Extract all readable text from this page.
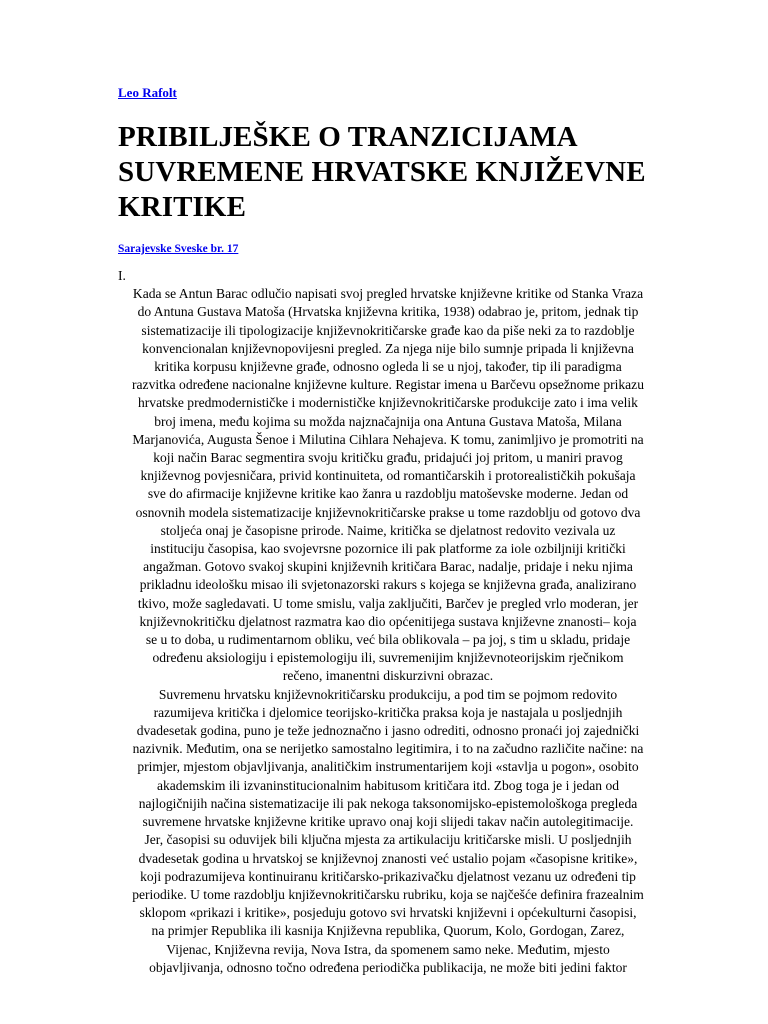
Leo Rafolt
PRIBILJEŠKE O TRANZICIJAMA
SUVREMENE HRVATSKE KNJIŽEVNE
KRITIKE
Sarajevske Sveske br. 17
I.
Kada se Antun Barac odlučio napisati svoj pregled hrvatske književne kritike od Stanka Vraza
do Antuna Gustava Matoša (Hrvatska književna kritika, 1938) odabrao je, pritom, jednak tip
sistematizacije ili tipologizacije književnokritičarske građe kao da piše neki za to razdoblje
konvencionalan književnopovijesni pregled. Za njega nije bilo sumnje pripada li književna
kritika korpusu književne građe, odnosno ogleda li se u njoj, također, tip ili paradigma
razvitka određene nacionalne književne kulture. Registar imena u Barčevu opsežnome prikazu
hrvatske predmodernističke i modernističke književnokritičarske produkcije zato i ima velik
broj imena, među kojima su možda najznačajnija ona Antuna Gustava Matoša, Milana
Marjanovića, Augusta Šenoe i Milutina Cihlara Nehajeva. K tomu, zanimljivo je promotriti na
koji način Barac segmentira svoju kritičku građu, pridajući joj pritom, u maniri pravog
književnog povjesničara, privid kontinuiteta, od romantičarskih i protorealističkih pokušaja
sve do afirmacije književne kritike kao žanra u razdoblju matoševske moderne. Jedan od
osnovnih modela sistematizacije književnokritičarske prakse u tome razdoblju od gotovo dva
stoljeća onaj je časopisne prirode. Naime, kritička se djelatnost redovito vezivala uz
instituciju časopisa, kao svojevrsne pozornice ili pak platforme za iole ozbiljniji kritički
angažman. Gotovo svakoj skupini književnih kritičara Barac, nadalje, pridaje i neku njima
prikladnu ideološku misao ili svjetonazorski rakurs s kojega se književna građa, analizirano
tkivo, može sagledavati. U tome smislu, valja zaključiti, Barčev je pregled vrlo moderan, jer
književnokritičku djelatnost razmatra kao dio općenitijega sustava književne znanosti– koja
se u to doba, u rudimentarnom obliku, već bila oblikovala – pa joj, s tim u skladu, pridaje
određenu aksiologiju i epistemologiju ili, suvremenijim književnoteorijskim rječnikom
rečeno, imanentni diskurzivni obrazac.
Suvremenu hrvatsku književnokritičarsku produkciju, a pod tim se pojmom redovito
razumijeva kritička i djelomice teorijsko-kritička praksa koja je nastajala u posljednjih
dvadesetak godina, puno je teže jednoznačno i jasno odrediti, odnosno pronaći joj zajednički
nazivnik. Međutim, ona se nerijetko samostalno legitimira, i to na začudno različite načine: na
primjer, mjestom objavljivanja, analitičkim instrumentarijem koji «stavlja u pogon», osobito
akademskim ili izvaninstitucionalnim habitusom kritičara itd. Zbog toga je i jedan od
najlogičnijih načina sistematizacije ili pak nekoga taksonomijsko-epistemološkoga pregleda
suvremene hrvatske književne kritike upravo onaj koji slijedi takav način autolegitimacije.
Jer, časopisi su oduvijek bili ključna mjesta za artikulaciju kritičarske misli. U posljednjih
dvadesetak godina u hrvatskoj se književnoj znanosti već ustalio pojam «časopisne kritike»,
koji podrazumijeva kontinuiranu kritičarsko-prikazivačku djelatnost vezanu uz određeni tip
periodike. U tome razdoblju književnokritičarsku rubriku, koja se najčešće definira frazealnim
sklopom «prikazi i kritike», posjeduju gotovo svi hrvatski književni i općekulturni časopisi,
na primjer Republika ili kasnija Književna republika, Quorum, Kolo, Gordogan, Zarez,
Vijenac, Književna revija, Nova Istra, da spomenem samo neke. Međutim, mjesto
objavljivanja, odnosno točno određena periodička publikacija, ne može biti jedini faktor
